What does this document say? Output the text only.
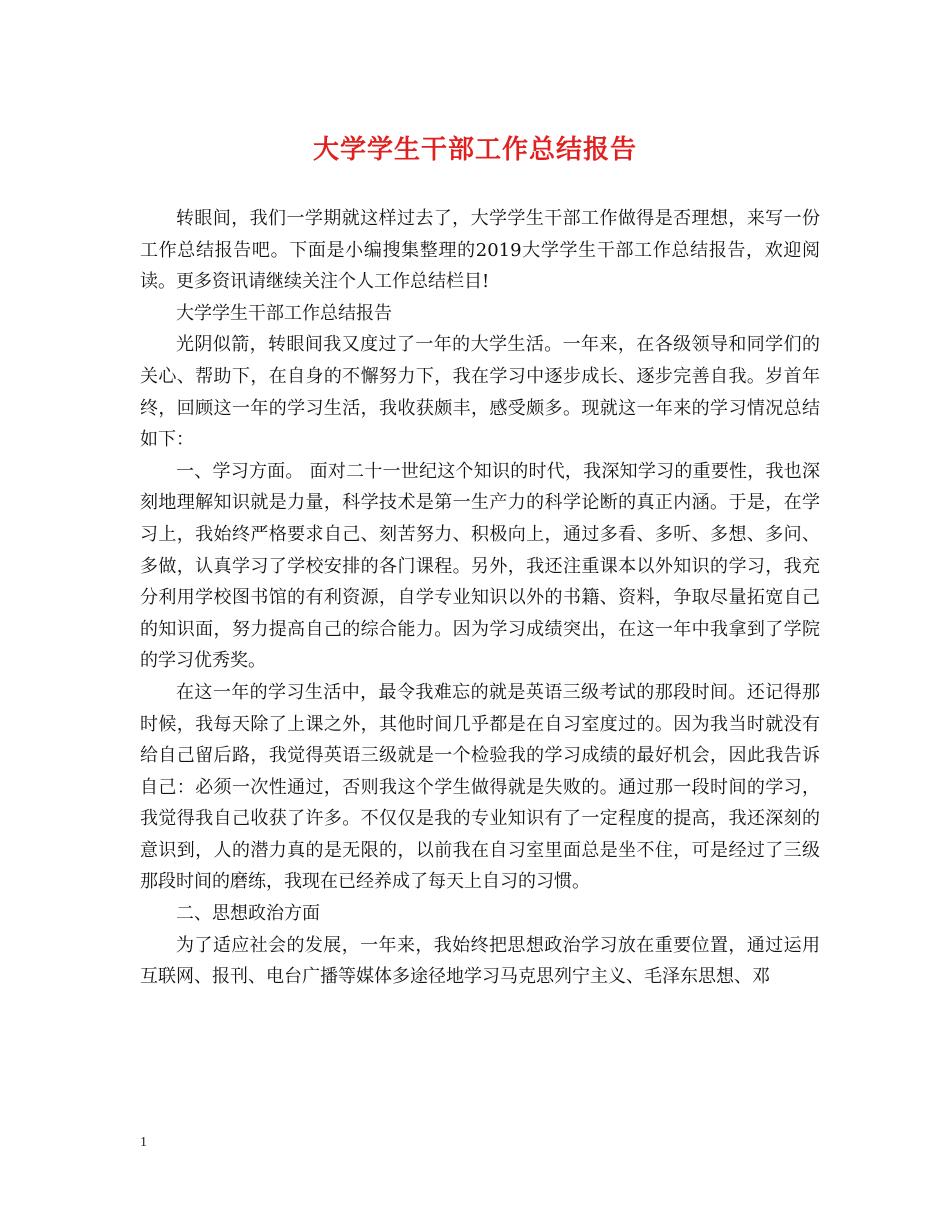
大学学生干部工作总结报告

转眼间，我们一学期就这样过去了，大学学生干部工作做得是否理想，来写一份工作总结报告吧。下面是小编搜集整理的2019大学学生干部工作总结报告，欢迎阅读。更多资讯请继续关注个人工作总结栏目!

大学学生干部工作总结报告

光阴似箭，转眼间我又度过了一年的大学生活。一年来，在各级领导和同学们的关心、帮助下，在自身的不懈努力下，我在学习中逐步成长、逐步完善自我。岁首年终，回顾这一年的学习生活，我收获颇丰，感受颇多。现就这一年来的学习情况总结如下：

一、学习方面。 面对二十一世纪这个知识的时代，我深知学习的重要性，我也深刻地理解知识就是力量，科学技术是第一生产力的科学论断的真正内涵。于是，在学习上，我始终严格要求自己、刻苦努力、积极向上，通过多看、多听、多想、多问、多做，认真学习了学校安排的各门课程。另外，我还注重课本以外知识的学习，我充分利用学校图书馆的有利资源，自学专业知识以外的书籍、资料，争取尽量拓宽自己的知识面，努力提高自己的综合能力。因为学习成绩突出，在这一年中我拿到了学院的学习优秀奖。

在这一年的学习生活中，最令我难忘的就是英语三级考试的那段时间。还记得那时候，我每天除了上课之外，其他时间几乎都是在自习室度过的。因为我当时就没有给自己留后路，我觉得英语三级就是一个检验我的学习成绩的最好机会，因此我告诉自己：必须一次性通过，否则我这个学生做得就是失败的。通过那一段时间的学习，我觉得我自己收获了许多。不仅仅是我的专业知识有了一定程度的提高，我还深刻的意识到，人的潜力真的是无限的，以前我在自习室里面总是坐不住，可是经过了三级那段时间的磨练，我现在已经养成了每天上自习的习惯。

二、思想政治方面

为了适应社会的发展，一年来，我始终把思想政治学习放在重要位置，通过运用互联网、报刊、电台广播等媒体多途径地学习马克思列宁主义、毛泽东思想、邓

1
